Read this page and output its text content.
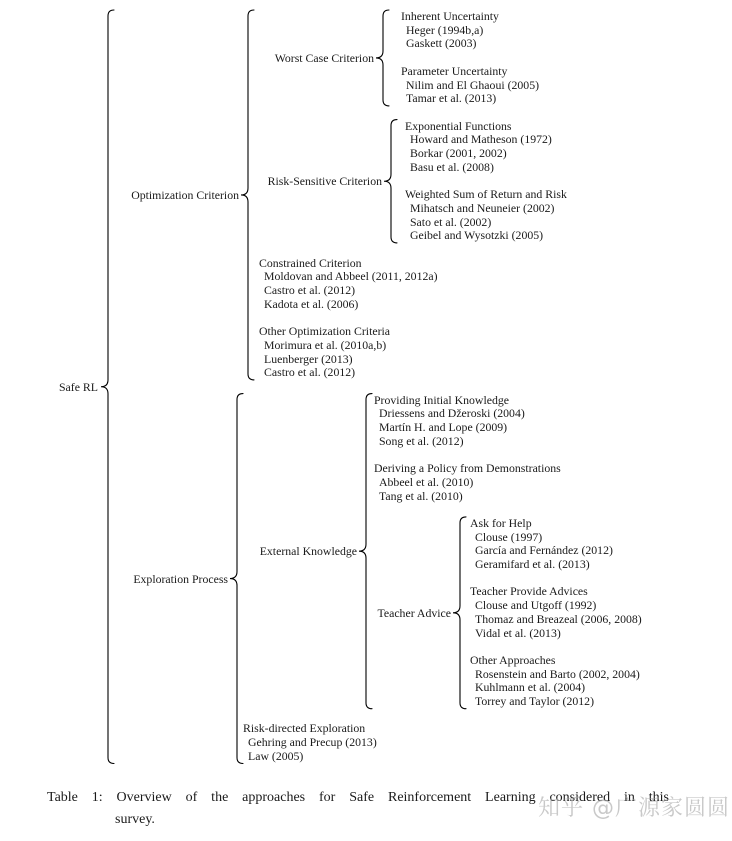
Inherent Uncertainty
Heger (1994b,a)
Gaskett (2003)
Parameter Uncertainty
Nilim and El Ghaoui (2005)
Tamar et al. (2013)
Worst Case Criterion
Exponential Functions
Howard and Matheson (1972)
Borkar (2001, 2002)
Basu et al. (2008)
Weighted Sum of Return and Risk
Mihatsch and Neuneier (2002)
Sato et al. (2002)
Geibel and Wysotzki (2005)
Risk-Sensitive Criterion
Constrained Criterion
Moldovan and Abbeel (2011, 2012a)
Castro et al. (2012)
Kadota et al. (2006)
Other Optimization Criteria
Morimura et al. (2010a,b)
Luenberger (2013)
Castro et al. (2012)
Optimization Criterion
Providing Initial Knowledge
Driessens and Džeroski (2004)
Martín H. and Lope (2009)
Song et al. (2012)
Deriving a Policy from Demonstrations
Abbeel et al. (2010)
Tang et al. (2010)
Ask for Help
Clouse (1997)
García and Fernández (2012)
Geramifard et al. (2013)
Teacher Provide Advices
Clouse and Utgoff (1992)
Thomaz and Breazeal (2006, 2008)
Vidal et al. (2013)
Other Approaches
Rosenstein and Barto (2002, 2004)
Kuhlmann et al. (2004)
Torrey and Taylor (2012)
Teacher Advice
External Knowledge
Risk-directed Exploration
Gehring and Precup (2013)
Law (2005)
Exploration Process
Safe RL
Table 1: Overview of the approaches for Safe Reinforcement Learning considered in this
survey.	知乎 @广源家圆圆
